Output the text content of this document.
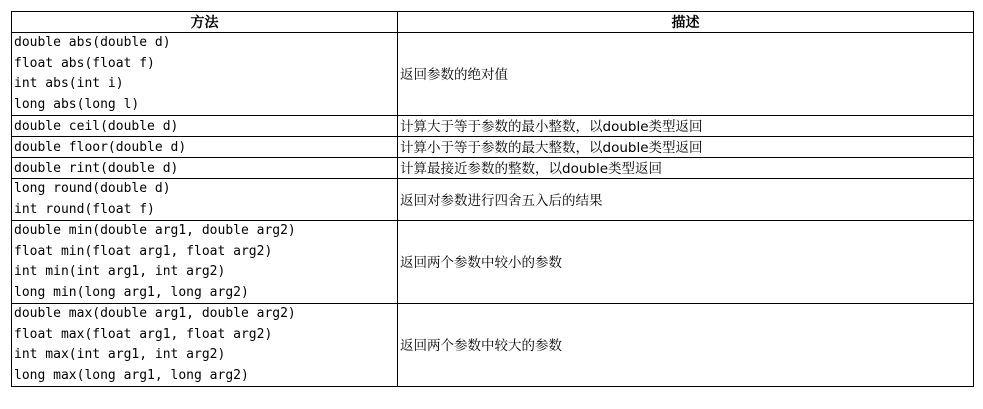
方法	描述

double abs(double d)
float abs(float f)
int abs(int i)
long abs(long l)	返回参数的绝对值

double ceil(double d)	计算大于等于参数的最小整数，以double类型返回

double floor(double d)	计算小于等于参数的最大整数，以double类型返回

double rint(double d)	计算最接近参数的整数，以double类型返回

long round(double d)
int round(float f)	返回对参数进行四舍五入后的结果

double min(double arg1, double arg2)
float min(float arg1, float arg2)
int min(int arg1, int arg2)
long min(long arg1, long arg2)	返回两个参数中较小的参数

double max(double arg1, double arg2)
float max(float arg1, float arg2)
int max(int arg1, int arg2)
long max(long arg1, long arg2)	返回两个参数中较大的参数
